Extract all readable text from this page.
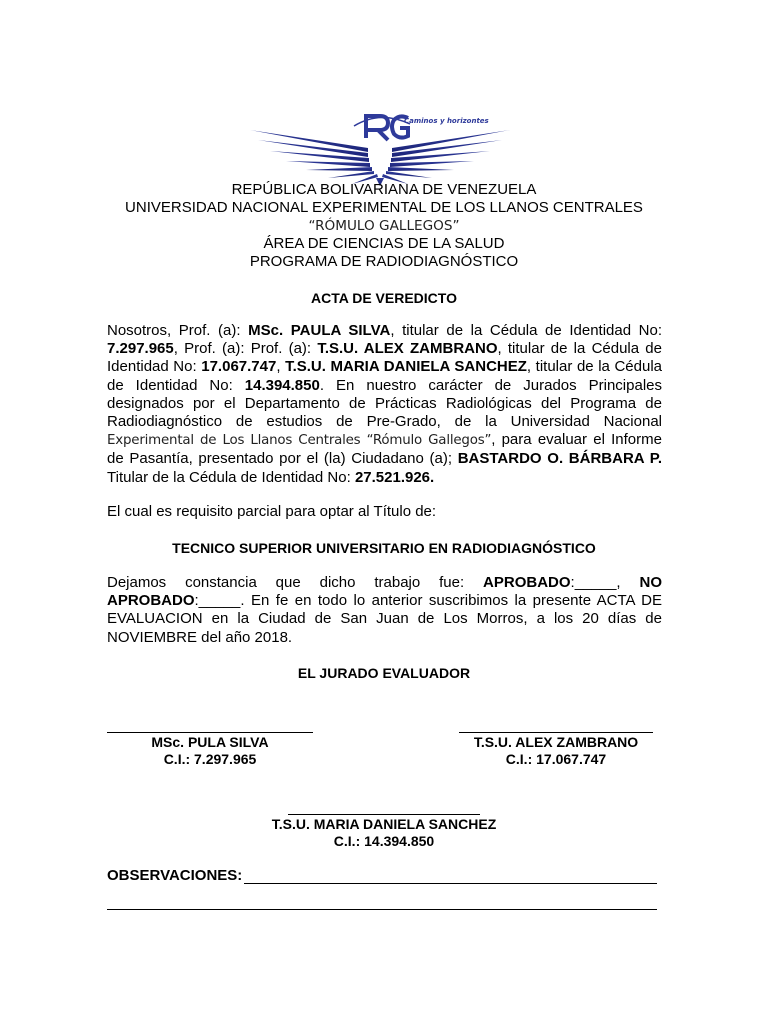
Caminos y horizontes
REPÚBLICA BOLIVARIANA DE VENEZUELA
UNIVERSIDAD NACIONAL EXPERIMENTAL DE LOS LLANOS CENTRALES
“RÓMULO GALLEGOS”
ÁREA DE CIENCIAS DE LA SALUD
PROGRAMA DE RADIODIAGNÓSTICO
ACTA DE VEREDICTO
Nosotros, Prof. (a): MSc. PAULA SILVA, titular de la Cédula de Identidad No: 7.297.965, Prof. (a): Prof. (a): T.S.U. ALEX ZAMBRANO, titular de la Cédula de Identidad No: 17.067.747, T.S.U. MARIA DANIELA SANCHEZ, titular de la Cédula de Identidad No: 14.394.850. En nuestro carácter de Jurados Principales designados por el Departamento de Prácticas Radiológicas del Programa de Radiodiagnóstico de estudios de Pre-Grado, de la Universidad Nacional Experimental de Los Llanos Centrales “Rómulo Gallegos”, para evaluar el Informe de Pasantía, presentado por el (la) Ciudadano (a); BASTARDO O. BÁRBARA P. Titular de la Cédula de Identidad No: 27.521.926.
El cual es requisito parcial para optar al Título de:
TECNICO SUPERIOR UNIVERSITARIO EN RADIODIAGNÓSTICO
Dejamos constancia que dicho trabajo fue: APROBADO:_____, NO APROBADO:_____. En fe en todo lo anterior suscribimos la presente ACTA DE EVALUACION en la Ciudad de San Juan de Los Morros, a los 20 días de NOVIEMBRE del año 2018.
EL JURADO EVALUADOR
MSc. PULA SILVA
C.I.: 7.297.965
T.S.U. ALEX ZAMBRANO
C.I.: 17.067.747
T.S.U. MARIA DANIELA SANCHEZ
C.I.: 14.394.850
OBSERVACIONES:
